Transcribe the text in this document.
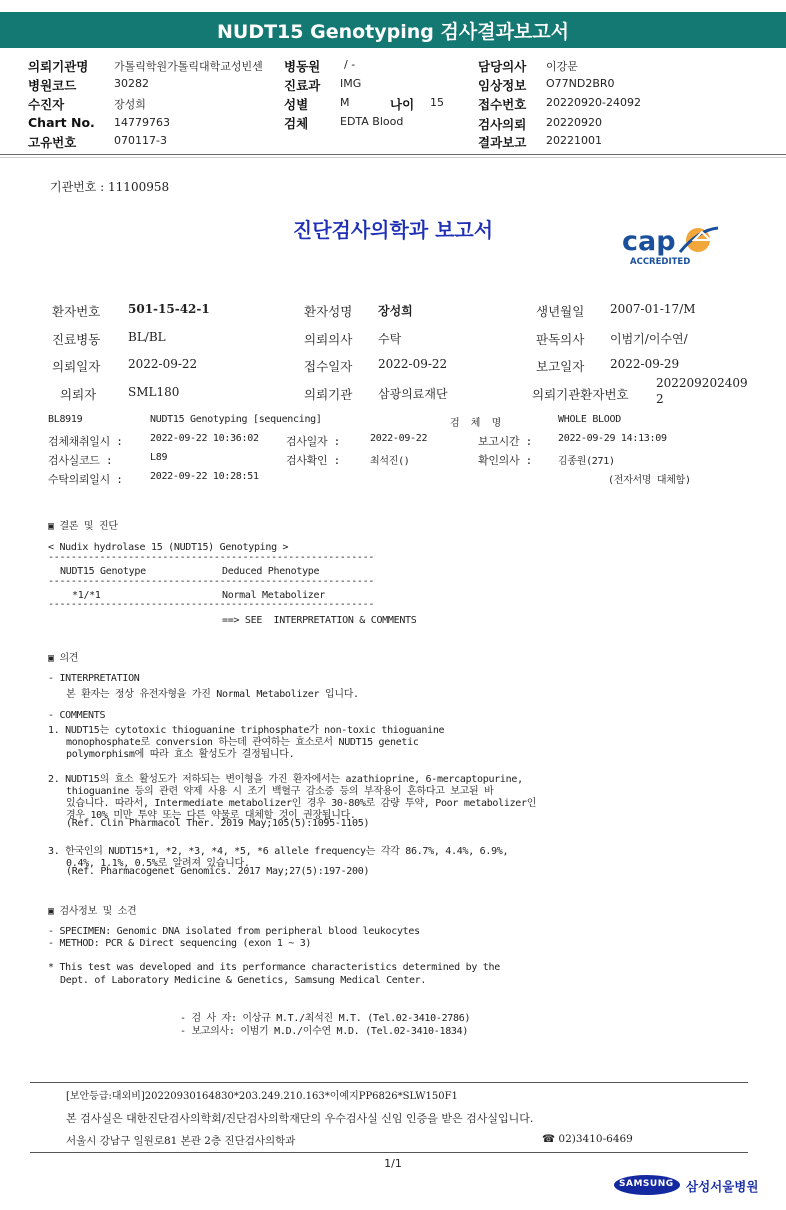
NUDT15 Genotyping 검사결과보고서
의뢰기관명 가톨릭학원가톨릭대학교성빈센 병동원 / -	담당의사 이강문
병원코드	30282	진료과 IMG	임상정보 O77ND2BR0
수진자	장성희	성별	M	나이 15	접수번호 20220920-24092
Chart No. 14779763	검체	EDTA Blood	검사의뢰 20220920
고유번호	070117-3	결과보고 20221001
기관번호 : 11100958
진단검사의학과 보고서	cap
ACCREDITED
환자번호 501-15-42-1	환자성명 장성희	생년월일 2007-01-17/M
진료병동 BL/BL	의뢰의사 수탁	판독의사 이범기/이수연/
의뢰일자 2022-09-22	접수일자 2022-09-22	보고일자 2022-09-29
의뢰자	SML180	의뢰기관 삼광의료재단	의뢰기관환자번호
202209202409
2
BL8919	NUDT15 Genotyping [sequencing]	검  체  명	WHOLE BLOOD
검체채취일시 :	2022-09-22 10:36:02 검사일자 :	2022-09-22	보고시간 :	2022-09-29 14:13:09
검사실코드 :	L89	검사확인 :	최석진()	확인의사 :	김종원(271)
수탁의뢰일시 :	2022-09-22 10:28:51	(전자서명 대체함)
▣ 결론 및 진단
< Nudix hydrolase 15 (NUDT15) Genotyping >
---------------------------------------------------------
NUDT15 Genotype	Deduced Phenotype
---------------------------------------------------------
*1/*1	Normal Metabolizer
---------------------------------------------------------
==> SEE  INTERPRETATION & COMMENTS
▣ 의견
- INTERPRETATION
본 환자는 정상 유전자형을 가진 Normal Metabolizer 입니다.
- COMMENTS
1. NUDT15는 cytotoxic thioguanine triphosphate가 non-toxic thioguanine
monophosphate로 conversion 하는데 관여하는 효소로서 NUDT15 genetic
polymorphism에 따라 효소 활성도가 결정됩니다.
2. NUDT15의 효소 활성도가 저하되는 변이형을 가진 환자에서는 azathioprine, 6-mercaptopurine,
thioguanine 등의 관련 약제 사용 시 조기 백혈구 감소증 등의 부작용이 흔하다고 보고된 바
있습니다. 따라서, Intermediate metabolizer인 경우 30-80%로 감량 투약, Poor metabolizer인
경우 10% 미만 투약 또는 다른 약물로 대체할 것이 권장됩니다.
(Ref. Clin Pharmacol Ther. 2019 May;105(5):1095-1105)
3. 한국인의 NUDT15*1, *2, *3, *4, *5, *6 allele frequency는 각각 86.7%, 4.4%, 6.9%,
0.4%, 1.1%, 0.5%로 알려져 있습니다.
(Ref. Pharmacogenet Genomics. 2017 May;27(5):197-200)
▣ 검사정보 및 소견
- SPECIMEN: Genomic DNA isolated from peripheral blood leukocytes
- METHOD: PCR & Direct sequencing (exon 1 ~ 3)
* This test was developed and its performance characteristics determined by the
Dept. of Laboratory Medicine & Genetics, Samsung Medical Center.
- 검 사 자: 이상규 M.T./최석진 M.T. (Tel.02-3410-2786)
- 보고의사: 이범기 M.D./이수연 M.D. (Tel.02-3410-1834)
[보안등급:대외비]20220930164830*203.249.210.163*이예지PP6826*SLW150F1
본 검사실은 대한진단검사의학회/진단검사의학재단의 우수검사실 신임 인증을 받은 검사실입니다.
서울시 강남구 일원로81 본관 2층 진단검사의학과	☎ 02)3410-6469
1/1
SAMSUNG 삼성서울병원
